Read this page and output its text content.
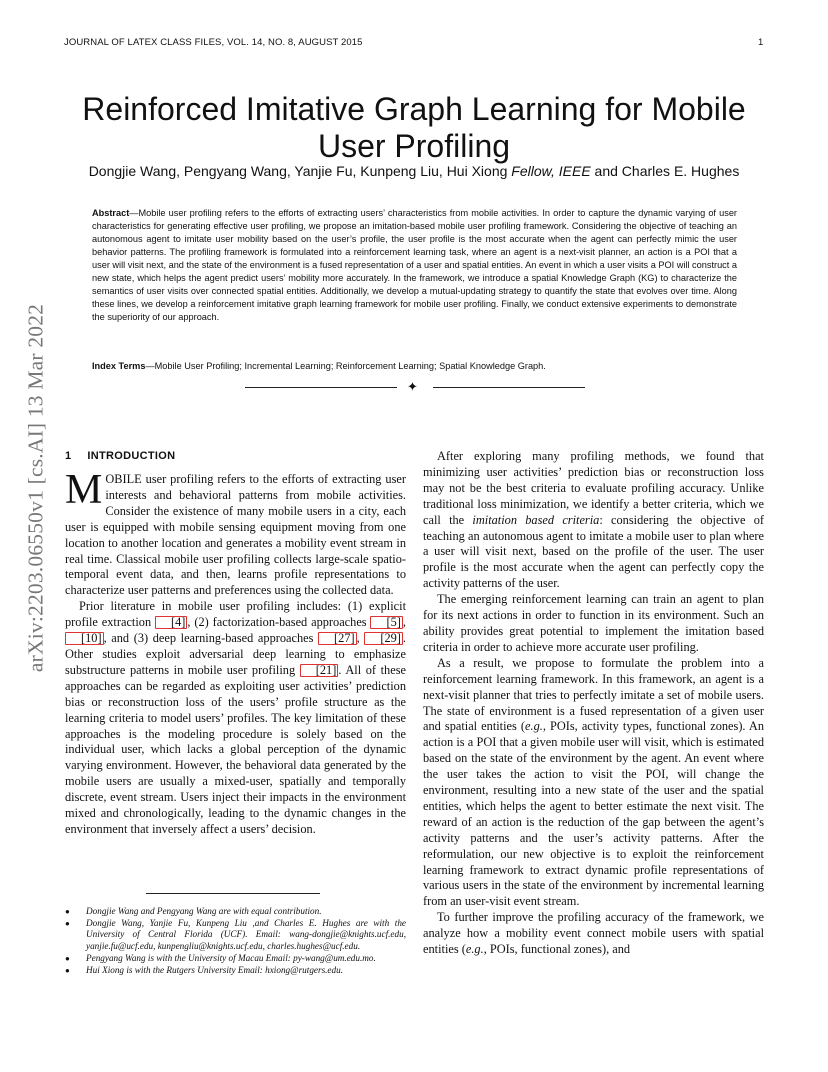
JOURNAL OF LATEX CLASS FILES, VOL. 14, NO. 8, AUGUST 2015	1
arXiv:2203.06550v1 [cs.AI] 13 Mar 2022
Reinforced Imitative Graph Learning for Mobile User Profiling
Dongjie Wang, Pengyang Wang, Yanjie Fu, Kunpeng Liu, Hui Xiong Fellow, IEEE and Charles E. Hughes
Abstract—Mobile user profiling refers to the efforts of extracting users’ characteristics from mobile activities. In order to capture the dynamic varying of user characteristics for generating effective user profiling, we propose an imitation-based mobile user profiling framework. Considering the objective of teaching an autonomous agent to imitate user mobility based on the user’s profile, the user profile is the most accurate when the agent can perfectly mimic the user behavior patterns. The profiling framework is formulated into a reinforcement learning task, where an agent is a next-visit planner, an action is a POI that a user will visit next, and the state of the environment is a fused representation of a user and spatial entities. An event in which a user visits a POI will construct a new state, which helps the agent predict users’ mobility more accurately. In the framework, we introduce a spatial Knowledge Graph (KG) to characterize the semantics of user visits over connected spatial entities. Additionally, we develop a mutual-updating strategy to quantify the state that evolves over time. Along these lines, we develop a reinforcement imitative graph learning framework for mobile user profiling. Finally, we conduct extensive experiments to demonstrate the superiority of our approach.
Index Terms—Mobile User Profiling; Incremental Learning; Reinforcement Learning; Spatial Knowledge Graph.
✦
1 INTRODUCTION

MOBILE user profiling refers to the efforts of extracting user interests and behavioral patterns from mobile activities. Consider the existence of many mobile users in a city, each user is equipped with mobile sensing equipment moving from one location to another location and generates a mobility event stream in real time. Classical mobile user profiling collects large-scale spatio-temporal event data, and then, learns profile representations to characterize user patterns and preferences using the collected data.

Prior literature in mobile user profiling includes: (1) explicit profile extraction [4] , (2) factorization-based approaches [5] , [10] , and (3) deep learning-based approaches [27] , [29] . Other studies exploit adversarial deep learning to emphasize substructure patterns in mobile user profiling [21] . All of these approaches can be regarded as exploiting user activities’ prediction bias or reconstruction loss of the users’ profile structure as the learning criteria to model users’ profiles. The key limitation of these approaches is the modeling procedure is solely based on the individual user, which lacks a global perception of the dynamic varying environment. However, the behavioral data generated by the mobile users are usually a mixed-user, spatially and temporally discrete, event stream. Users inject their impacts in the environment mixed and chronologically, leading to the dynamic changes in the environment that inversely affect a users’ decision.

● Dongjie Wang and Pengyang Wang are with equal contribution.
● Dongjie Wang, Yanjie Fu, Kunpeng Liu ,and Charles E. Hughes are with the University of Central Florida (UCF). Email: wang-dongjie@knights.ucf.edu, yanjie.fu@ucf.edu, kunpengliu@knights.ucf.edu, charles.hughes@ucf.edu.
● Pengyang Wang is with the University of Macau Email: py-wang@um.edu.mo.
● Hui Xiong is with the Rutgers University Email: hxiong@rutgers.edu.

After exploring many profiling methods, we found that minimizing user activities’ prediction bias or reconstruction loss may not be the best criteria to evaluate profiling accuracy. Unlike traditional loss minimization, we identify a better criteria, which we call the imitation based criteria: considering the objective of teaching an autonomous agent to imitate a mobile user to plan where a user will visit next, based on the profile of the user. The user profile is the most accurate when the agent can perfectly copy the activity patterns of the user.

The emerging reinforcement learning can train an agent to plan for its next actions in order to function in its environment. Such an ability provides great potential to implement the imitation based criteria in order to achieve more accurate user profiling.

As a result, we propose to formulate the problem into a reinforcement learning framework. In this framework, an agent is a next-visit planner that tries to perfectly imitate a set of mobile users. The state of environment is a fused representation of a given user and spatial entities (e.g., POIs, activity types, functional zones). An action is a POI that a given mobile user will visit, which is estimated based on the state of the environment by the agent. An event where the user takes the action to visit the POI, will change the environment, resulting into a new state of the user and the spatial entities, which helps the agent to better estimate the next visit. The reward of an action is the reduction of the gap between the agent’s activity patterns and the user’s activity patterns. After the reformulation, our new objective is to exploit the reinforcement learning framework to extract dynamic profile representations of various users in the state of the environment by incremental learning from an user-visit event stream.

To further improve the profiling accuracy of the framework, we analyze how a mobility event connect mobile users with spatial entities (e.g., POIs, functional zones), and
